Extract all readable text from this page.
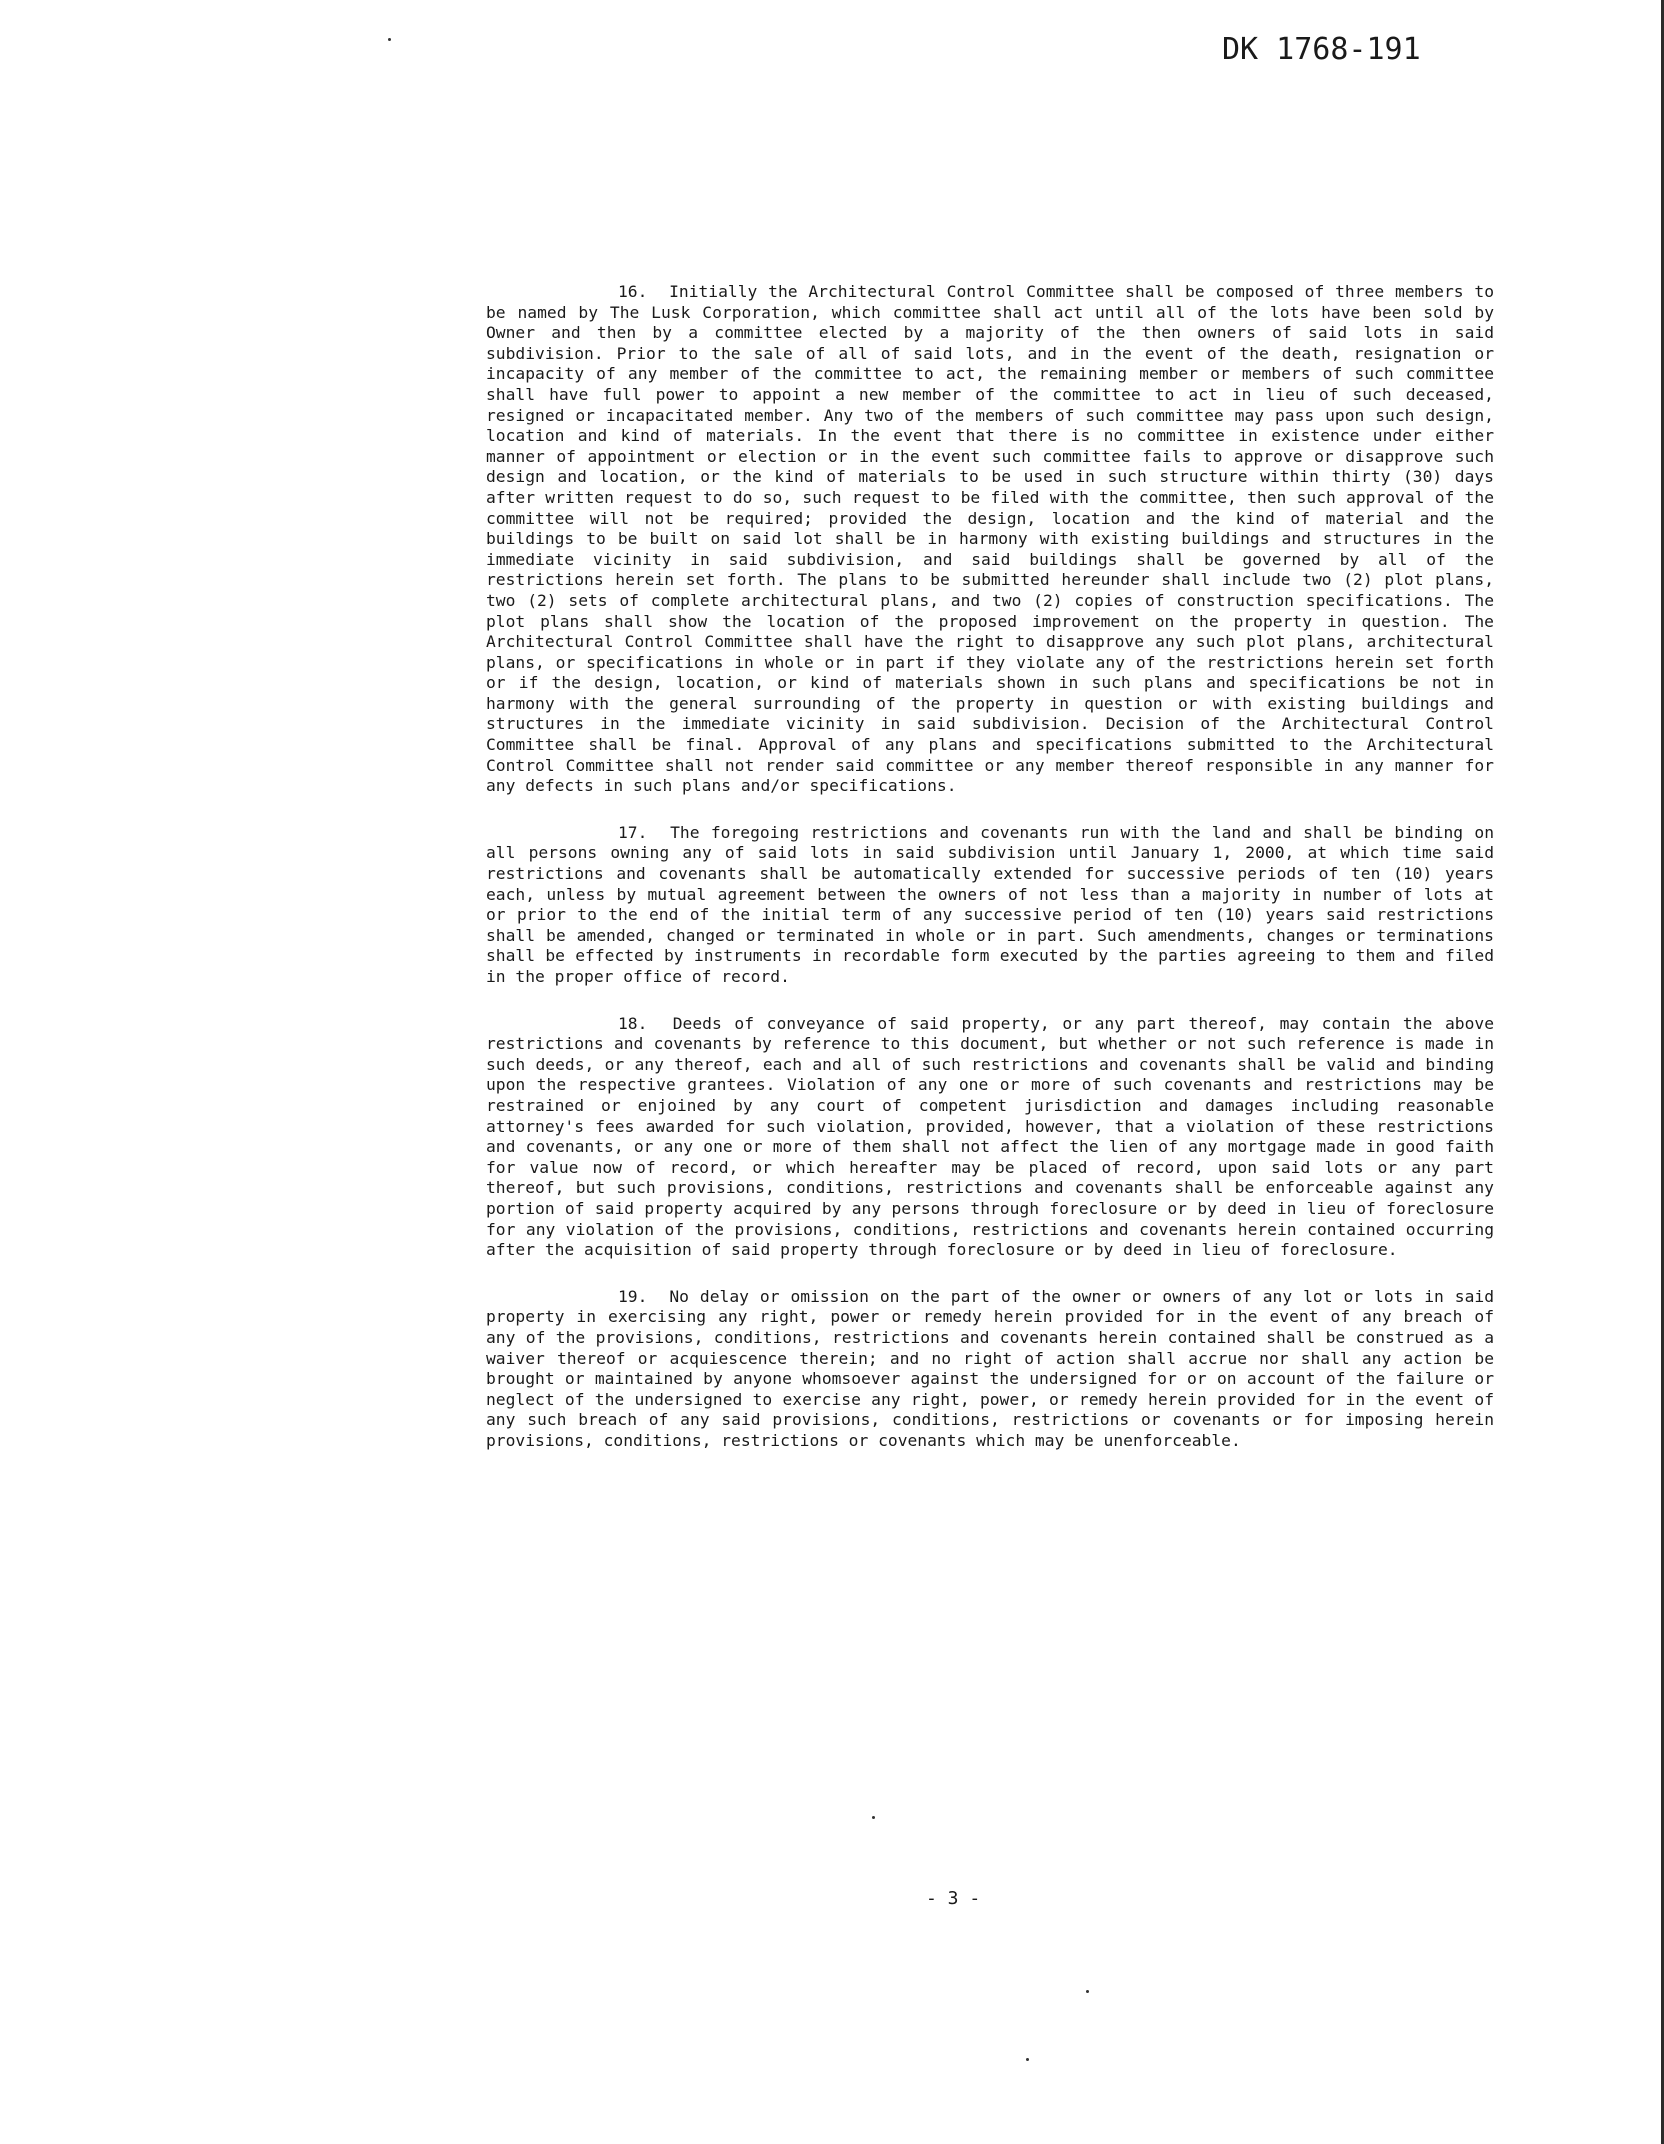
DK 1768-191

16. Initially the Architectural Control Committee shall be composed of three members to be named by The Lusk Corporation, which committee shall act until all of the lots have been sold by Owner and then by a committee elected by a majority of the then owners of said lots in said subdivision. Prior to the sale of all of said lots, and in the event of the death, resignation or incapacity of any member of the committee to act, the remaining member or members of such committee shall have full power to appoint a new member of the committee to act in lieu of such deceased, resigned or incapacitated member. Any two of the members of such committee may pass upon such design, location and kind of materials. In the event that there is no committee in existence under either manner of appointment or election or in the event such committee fails to approve or disapprove such design and location, or the kind of materials to be used in such structure within thirty (30) days after written request to do so, such request to be filed with the committee, then such approval of the committee will not be required; provided the design, location and the kind of material and the buildings to be built on said lot shall be in harmony with existing buildings and structures in the immediate vicinity in said subdivision, and said buildings shall be governed by all of the restrictions herein set forth. The plans to be submitted hereunder shall include two (2) plot plans, two (2) sets of complete architectural plans, and two (2) copies of construction specifications. The plot plans shall show the location of the proposed improvement on the property in question. The Architectural Control Committee shall have the right to disapprove any such plot plans, architectural plans, or specifications in whole or in part if they violate any of the restrictions herein set forth or if the design, location, or kind of materials shown in such plans and specifications be not in harmony with the general surrounding of the property in question or with existing buildings and structures in the immediate vicinity in said subdivision. Decision of the Architectural Control Committee shall be final. Approval of any plans and specifications submitted to the Architectural Control Committee shall not render said committee or any member thereof responsible in any manner for any defects in such plans and/or specifications.

17. The foregoing restrictions and covenants run with the land and shall be binding on all persons owning any of said lots in said subdivision until January 1, 2000, at which time said restrictions and covenants shall be automatically extended for successive periods of ten (10) years each, unless by mutual agreement between the owners of not less than a majority in number of lots at or prior to the end of the initial term of any successive period of ten (10) years said restrictions shall be amended, changed or terminated in whole or in part. Such amendments, changes or terminations shall be effected by instruments in recordable form executed by the parties agreeing to them and filed in the proper office of record.

18. Deeds of conveyance of said property, or any part thereof, may contain the above restrictions and covenants by reference to this document, but whether or not such reference is made in such deeds, or any thereof, each and all of such restrictions and covenants shall be valid and binding upon the respective grantees. Violation of any one or more of such covenants and restrictions may be restrained or enjoined by any court of competent jurisdiction and damages including reasonable attorney's fees awarded for such violation, provided, however, that a violation of these restrictions and covenants, or any one or more of them shall not affect the lien of any mortgage made in good faith for value now of record, or which hereafter may be placed of record, upon said lots or any part thereof, but such provisions, conditions, restrictions and covenants shall be enforceable against any portion of said property acquired by any persons through foreclosure or by deed in lieu of foreclosure for any violation of the provisions, conditions, restrictions and covenants herein contained occurring after the acquisition of said property through foreclosure or by deed in lieu of foreclosure.

19. No delay or omission on the part of the owner or owners of any lot or lots in said property in exercising any right, power or remedy herein provided for in the event of any breach of any of the provisions, conditions, restrictions and covenants herein contained shall be construed as a waiver thereof or acquiescence therein; and no right of action shall accrue nor shall any action be brought or maintained by anyone whomsoever against the undersigned for or on account of the failure or neglect of the undersigned to exercise any right, power, or remedy herein provided for in the event of any such breach of any said provisions, conditions, restrictions or covenants or for imposing herein provisions, conditions, restrictions or covenants which may be unenforceable.

- 3 -
